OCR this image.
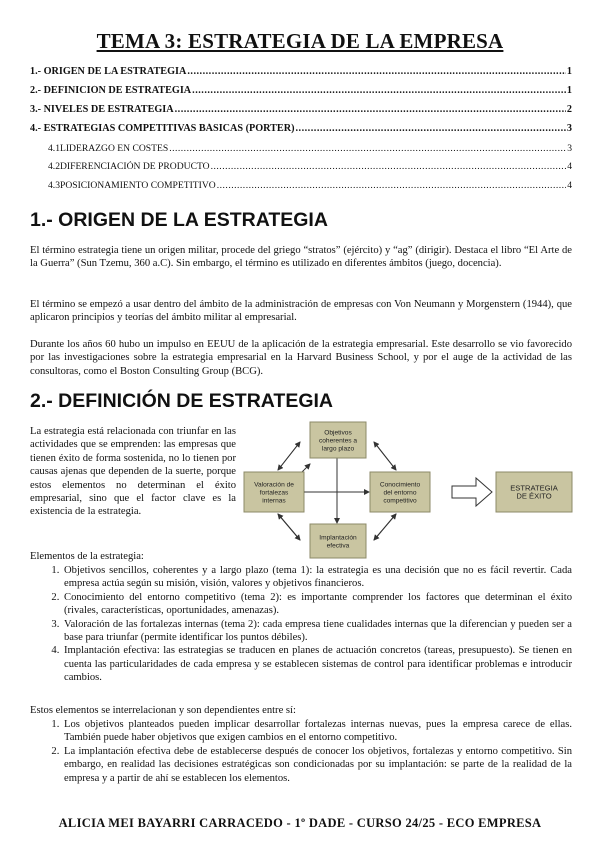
TEMA 3: ESTRATEGIA DE LA EMPRESA
1.- ORIGEN DE LA ESTRATEGIA .....	1
2.- DEFINICIÓN DE ESTRATEGIA .....	1
3.- NIVELES DE ESTRATEGIA .....	2
4.- ESTRATEGIAS COMPETITIVAS BÁSICAS (PORTER) .....	3
4.1LIDERAZGO EN COSTES .....	3
4.2DIFERENCIACIÓN DE PRODUCTO .....	4
4.3POSICIONAMIENTO COMPETITIVO .....	4
1.- ORIGEN DE LA ESTRATEGIA

El término estrategia tiene un origen militar, procede del griego “stratos” (ejército) y “ag” (dirigir). Destaca el libro “El Arte de la Guerra” (Sun Tzemu, 360 a.C). Sin embargo, el término es utilizado en diferentes ámbitos (juego, docencia).

El término se empezó a usar dentro del ámbito de la administración de empresas con Von Neumann y Morgenstern (1944), que aplicaron principios y teorías del ámbito militar al empresarial.

Durante los años 60 hubo un impulso en EEUU de la aplicación de la estrategia empresarial. Este desarrollo se vio favorecido por las investigaciones sobre la estrategia empresarial en la Harvard Business School, y por el auge de la actividad de las consultoras, como el Boston Consulting Group (BCG).

2.- DEFINICIÓN DE ESTRATEGIA

La estrategia está relacionada con triunfar en las actividades que se emprenden: las empresas que tienen éxito de forma sostenida, no lo tienen por causas ajenas que dependen de la suerte, porque estos elementos no determinan el éxito empresarial, sino que el factor clave es la existencia de la estrategia.

Objetivos
coherentes a
largo plazo
Valoración de
fortalezas
internas
Conocimiento
del entorno
competitivo
Implantación
efectiva
ESTRATEGIA
DE ÉXITO

Elementos de la estrategia:

1. Objetivos sencillos, coherentes y a largo plazo (tema 1): la estrategia es una decisión que no es fácil revertir. Cada empresa actúa según su misión, visión, valores y objetivos financieros.
2. Conocimiento del entorno competitivo (tema 2): es importante comprender los factores que determinan el éxito (rivales, características, oportunidades, amenazas).
3. Valoración de las fortalezas internas (tema 2): cada empresa tiene cualidades internas que la diferencian y pueden ser a base para triunfar (permite identificar los puntos débiles).
4. Implantación efectiva: las estrategias se traducen en planes de actuación concretos (tareas, presupuesto). Se tienen en cuenta las particularidades de cada empresa y se establecen sistemas de control para identificar problemas e introducir cambios.

Estos elementos se interrelacionan y son dependientes entre sí:

1. Los objetivos planteados pueden implicar desarrollar fortalezas internas nuevas, pues la empresa carece de ellas. También puede haber objetivos que exigen cambios en el entorno competitivo.
2. La implantación efectiva debe de establecerse después de conocer los objetivos, fortalezas y entorno competitivo. Sin embargo, en realidad las decisiones estratégicas son condicionadas por su implantación: se parte de la realidad de la empresa y a partir de ahí se establecen los elementos.
ALICIA MEI BAYARRI CARRACEDO - 1º DADE - CURSO 24/25 - ECO EMPRESA
